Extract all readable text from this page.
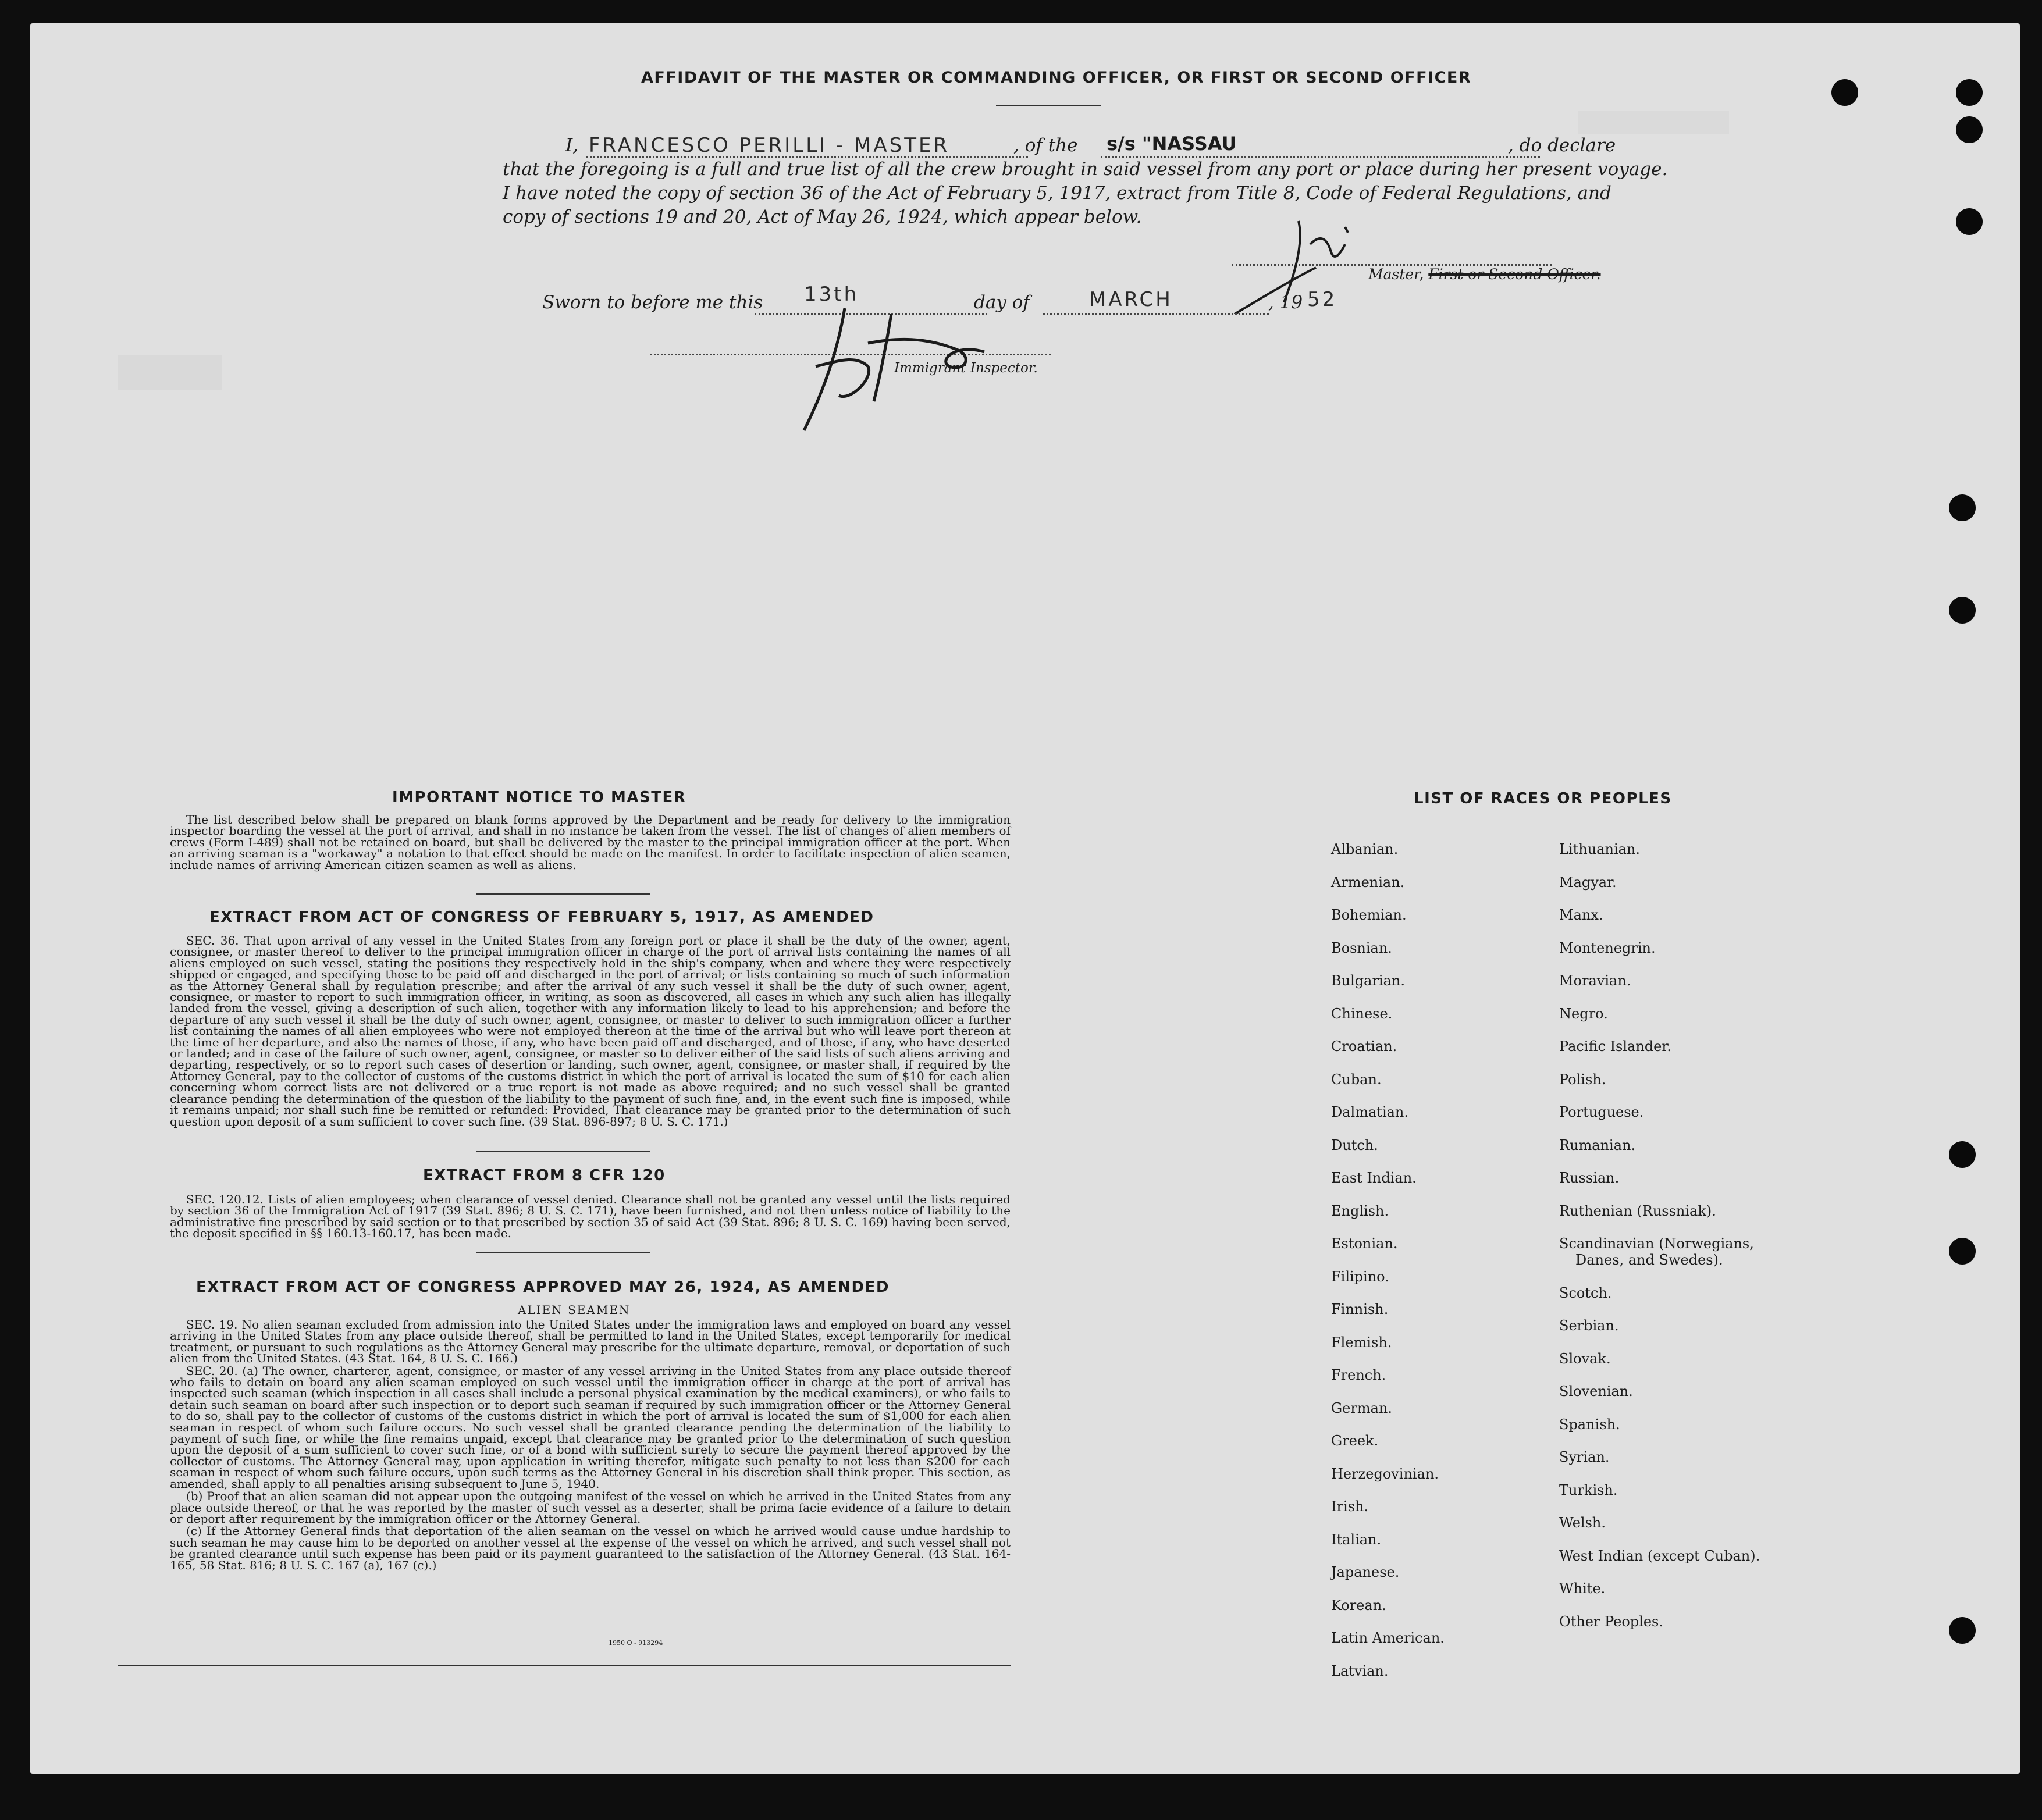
AFFIDAVIT OF THE MASTER OR COMMANDING OFFICER, OR FIRST OR SECOND OFFICER
I, FRANCESCO PERILLI - MASTER	, of the s/s "NASSAU	, do declare
that the foregoing is a full and true list of all the crew brought in said vessel from any port or place during her present voyage.
I have noted the copy of section 36 of the Act of February 5, 1917, extract from Title 8, Code of Federal Regulations, and
copy of sections 19 and 20, Act of May 26, 1924, which appear below.
Master, First or Second Officer.
Sworn to before me this 13th	day of	MARCH	, 19 52
Immigrant Inspector.
IMPORTANT NOTICE TO MASTER
The list described below shall be prepared on blank forms approved by the Department and be ready for delivery to the immigration inspector boarding the vessel at the port of arrival, and shall in no instance be taken from the vessel. The list of changes of alien members of crews (Form I-489) shall not be retained on board, but shall be delivered by the master to the principal immigration officer at the port. When an arriving seaman is a "workaway" a notation to that effect should be made on the manifest. In order to facilitate inspection of alien seamen, include names of arriving American citizen seamen as well as aliens.
EXTRACT FROM ACT OF CONGRESS OF FEBRUARY 5, 1917, AS AMENDED
SEC. 36. That upon arrival of any vessel in the United States from any foreign port or place it shall be the duty of the owner, agent, consignee, or master thereof to deliver to the principal immigration officer in charge of the port of arrival lists containing the names of all aliens employed on such vessel, stating the positions they respectively hold in the ship's company, when and where they were respectively shipped or engaged, and specifying those to be paid off and discharged in the port of arrival; or lists containing so much of such information as the Attorney General shall by regulation prescribe; and after the arrival of any such vessel it shall be the duty of such owner, agent, consignee, or master to report to such immigration officer, in writing, as soon as discovered, all cases in which any such alien has illegally landed from the vessel, giving a description of such alien, together with any information likely to lead to his apprehension; and before the departure of any such vessel it shall be the duty of such owner, agent, consignee, or master to deliver to such immigration officer a further list containing the names of all alien employees who were not employed thereon at the time of the arrival but who will leave port thereon at the time of her departure, and also the names of those, if any, who have been paid off and discharged, and of those, if any, who have deserted or landed; and in case of the failure of such owner, agent, consignee, or master so to deliver either of the said lists of such aliens arriving and departing, respectively, or so to report such cases of desertion or landing, such owner, agent, consignee, or master shall, if required by the Attorney General, pay to the collector of customs of the customs district in which the port of arrival is located the sum of $10 for each alien concerning whom correct lists are not delivered or a true report is not made as above required; and no such vessel shall be granted clearance pending the determination of the question of the liability to the payment of such fine, and, in the event such fine is imposed, while it remains unpaid; nor shall such fine be remitted or refunded: Provided, That clearance may be granted prior to the determination of such question upon deposit of a sum sufficient to cover such fine. (39 Stat. 896-897; 8 U. S. C. 171.)
EXTRACT FROM 8 CFR 120
SEC. 120.12. Lists of alien employees; when clearance of vessel denied. Clearance shall not be granted any vessel until the lists required by section 36 of the Immigration Act of 1917 (39 Stat. 896; 8 U. S. C. 171), have been furnished, and not then unless notice of liability to the administrative fine prescribed by said section or to that prescribed by section 35 of said Act (39 Stat. 896; 8 U. S. C. 169) having been served, the deposit specified in §§ 160.13-160.17, has been made.
EXTRACT FROM ACT OF CONGRESS APPROVED MAY 26, 1924, AS AMENDED
ALIEN SEAMEN

SEC. 19. No alien seaman excluded from admission into the United States under the immigration laws and employed on board any vessel arriving in the United States from any place outside thereof, shall be permitted to land in the United States, except temporarily for medical treatment, or pursuant to such regulations as the Attorney General may prescribe for the ultimate departure, removal, or deportation of such alien from the United States. (43 Stat. 164, 8 U. S. C. 166.)

SEC. 20. (a) The owner, charterer, agent, consignee, or master of any vessel arriving in the United States from any place outside thereof who fails to detain on board any alien seaman employed on such vessel until the immigration officer in charge at the port of arrival has inspected such seaman (which inspection in all cases shall include a personal physical examination by the medical examiners), or who fails to detain such seaman on board after such inspection or to deport such seaman if required by such immigration officer or the Attorney General to do so, shall pay to the collector of customs of the customs district in which the port of arrival is located the sum of $1,000 for each alien seaman in respect of whom such failure occurs. No such vessel shall be granted clearance pending the determination of the liability to payment of such fine, or while the fine remains unpaid, except that clearance may be granted prior to the determination of such question upon the deposit of a sum sufficient to cover such fine, or of a bond with sufficient surety to secure the payment thereof approved by the collector of customs. The Attorney General may, upon application in writing therefor, mitigate such penalty to not less than $200 for each seaman in respect of whom such failure occurs, upon such terms as the Attorney General in his discretion shall think proper. This section, as amended, shall apply to all penalties arising subsequent to June 5, 1940.

(b) Proof that an alien seaman did not appear upon the outgoing manifest of the vessel on which he arrived in the United States from any place outside thereof, or that he was reported by the master of such vessel as a deserter, shall be prima facie evidence of a failure to detain or deport after requirement by the immigration officer or the Attorney General.

(c) If the Attorney General finds that deportation of the alien seaman on the vessel on which he arrived would cause undue hardship to such seaman he may cause him to be deported on another vessel at the expense of the vessel on which he arrived, and such vessel shall not be granted clearance until such expense has been paid or its payment guaranteed to the satisfaction of the Attorney General. (43 Stat. 164-165, 58 Stat. 816; 8 U. S. C. 167 (a), 167 (c).)

1950 O - 913294
LIST OF RACES OR PEOPLES
Albanian.
Armenian.
Bohemian.
Bosnian.
Bulgarian.
Chinese.
Croatian.
Cuban.
Dalmatian.
Dutch.
East Indian.
English.
Estonian.
Filipino.
Finnish.
Flemish.
French.
German.
Greek.
Herzegovinian.
Irish.
Italian.
Japanese.
Korean.
Latin American.
Latvian.
Lithuanian.
Magyar.
Manx.
Montenegrin.
Moravian.
Negro.
Pacific Islander.
Polish.
Portuguese.
Rumanian.
Russian.
Ruthenian (Russniak).
Scandinavian (Norwegians,
Danes, and Swedes).
Scotch.
Serbian.
Slovak.
Slovenian.
Spanish.
Syrian.
Turkish.
Welsh.
West Indian (except Cuban).
White.
Other Peoples.
